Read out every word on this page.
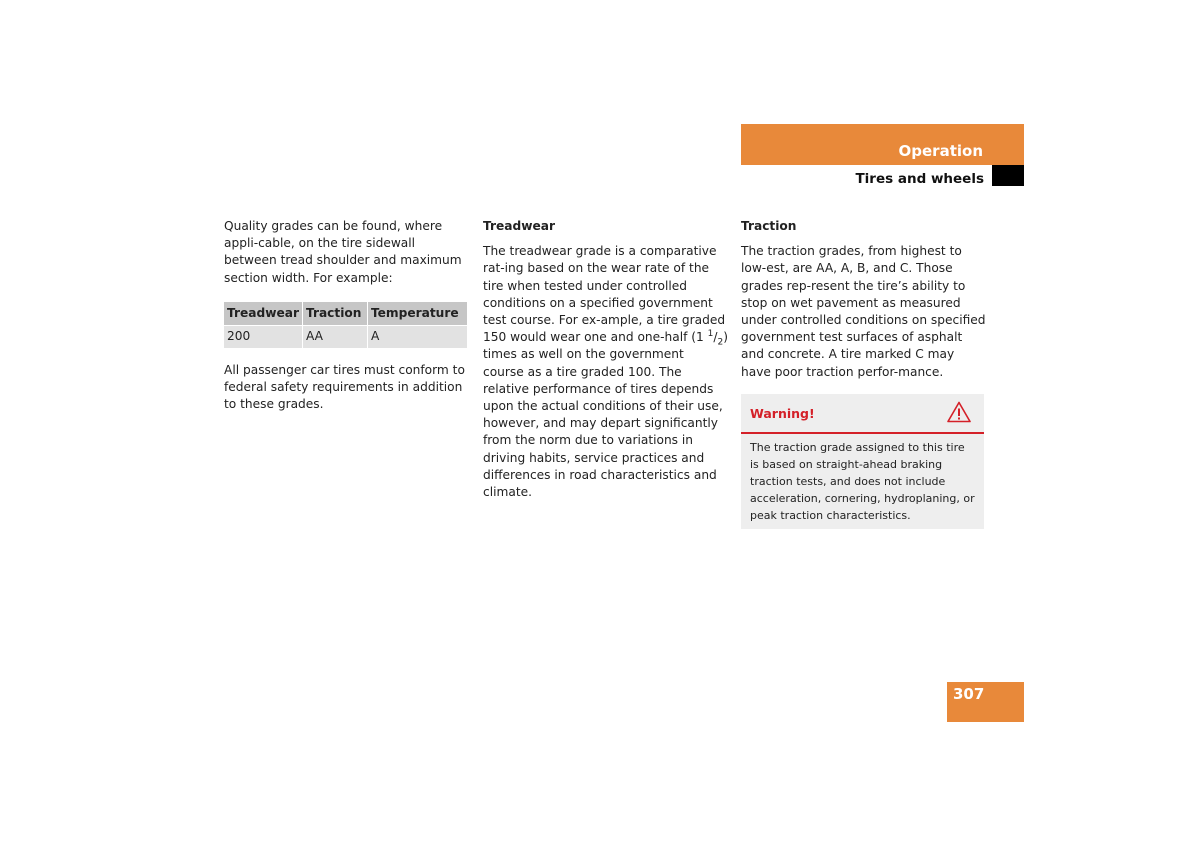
Operation
Tires and wheels

Quality grades can be found, where appli-cable, on the tire sidewall between tread shoulder and maximum section width. For example:

Treadwear	Traction	Temperature
200	AA	A

All passenger car tires must conform to federal safety requirements in addition to these grades.

Treadwear

The treadwear grade is a comparative rat-ing based on the wear rate of the tire when tested under controlled conditions on a specified government test course. For ex-ample, a tire graded 150 would wear one and one-half (1 $^1/_2$) times as well on the government course as a tire graded 100. The relative performance of tires depends upon the actual conditions of their use, however, and may depart significantly from the norm due to variations in driving habits, service practices and differences in road characteristics and climate.

Traction

The traction grades, from highest to low-est, are AA, A, B, and C. Those grades rep-resent the tire’s ability to stop on wet pavement as measured under controlled conditions on specified government test surfaces of asphalt and concrete. A tire marked C may have poor traction perfor-mance.

Warning!
The traction grade assigned to this tire is based on straight-ahead braking traction tests, and does not include acceleration, cornering, hydroplaning, or peak traction characteristics.
307
